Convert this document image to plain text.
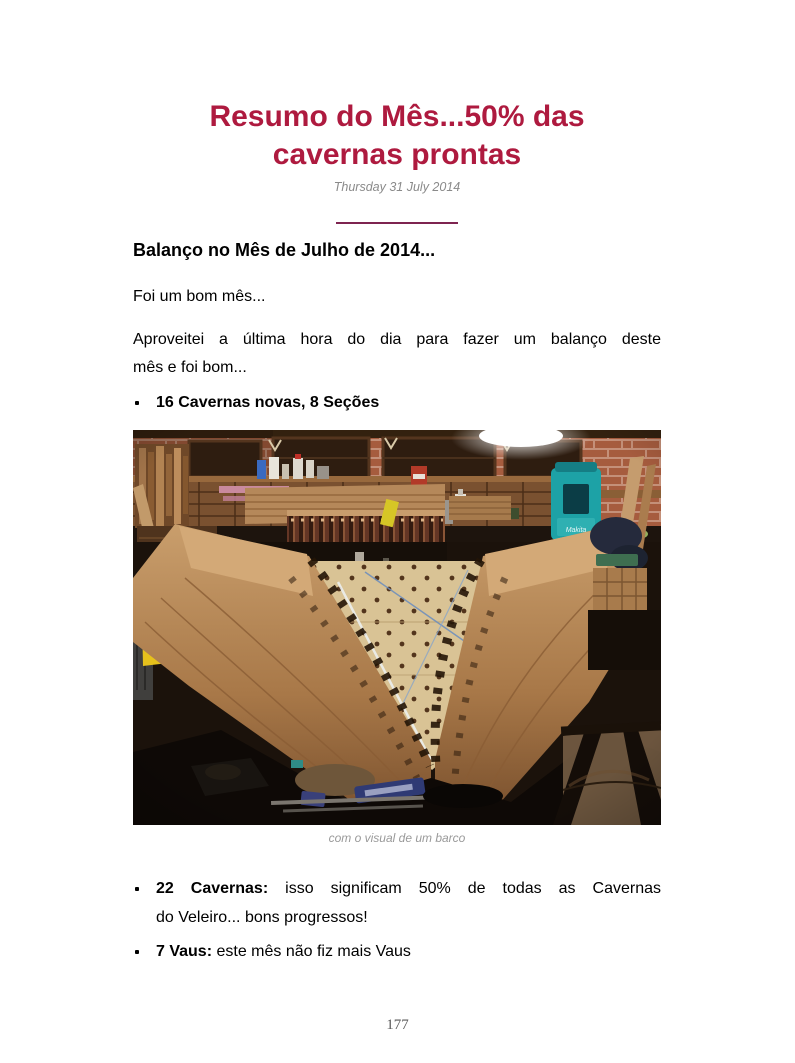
Resumo do Mês...50% das
cavernas prontas
Thursday 31 July 2014
Balanço no Mês de Julho de 2014...

Foi um bom mês...

Aproveitei a última hora do dia para fazer um balanço deste
mês e foi bom...
16 Cavernas novas, 8 Seções
com o visual de um barco
22 Cavernas: isso significam 50% de todas as Cavernas
do Veleiro... bons progressos!
7 Vaus: este mês não fiz mais Vaus
177
